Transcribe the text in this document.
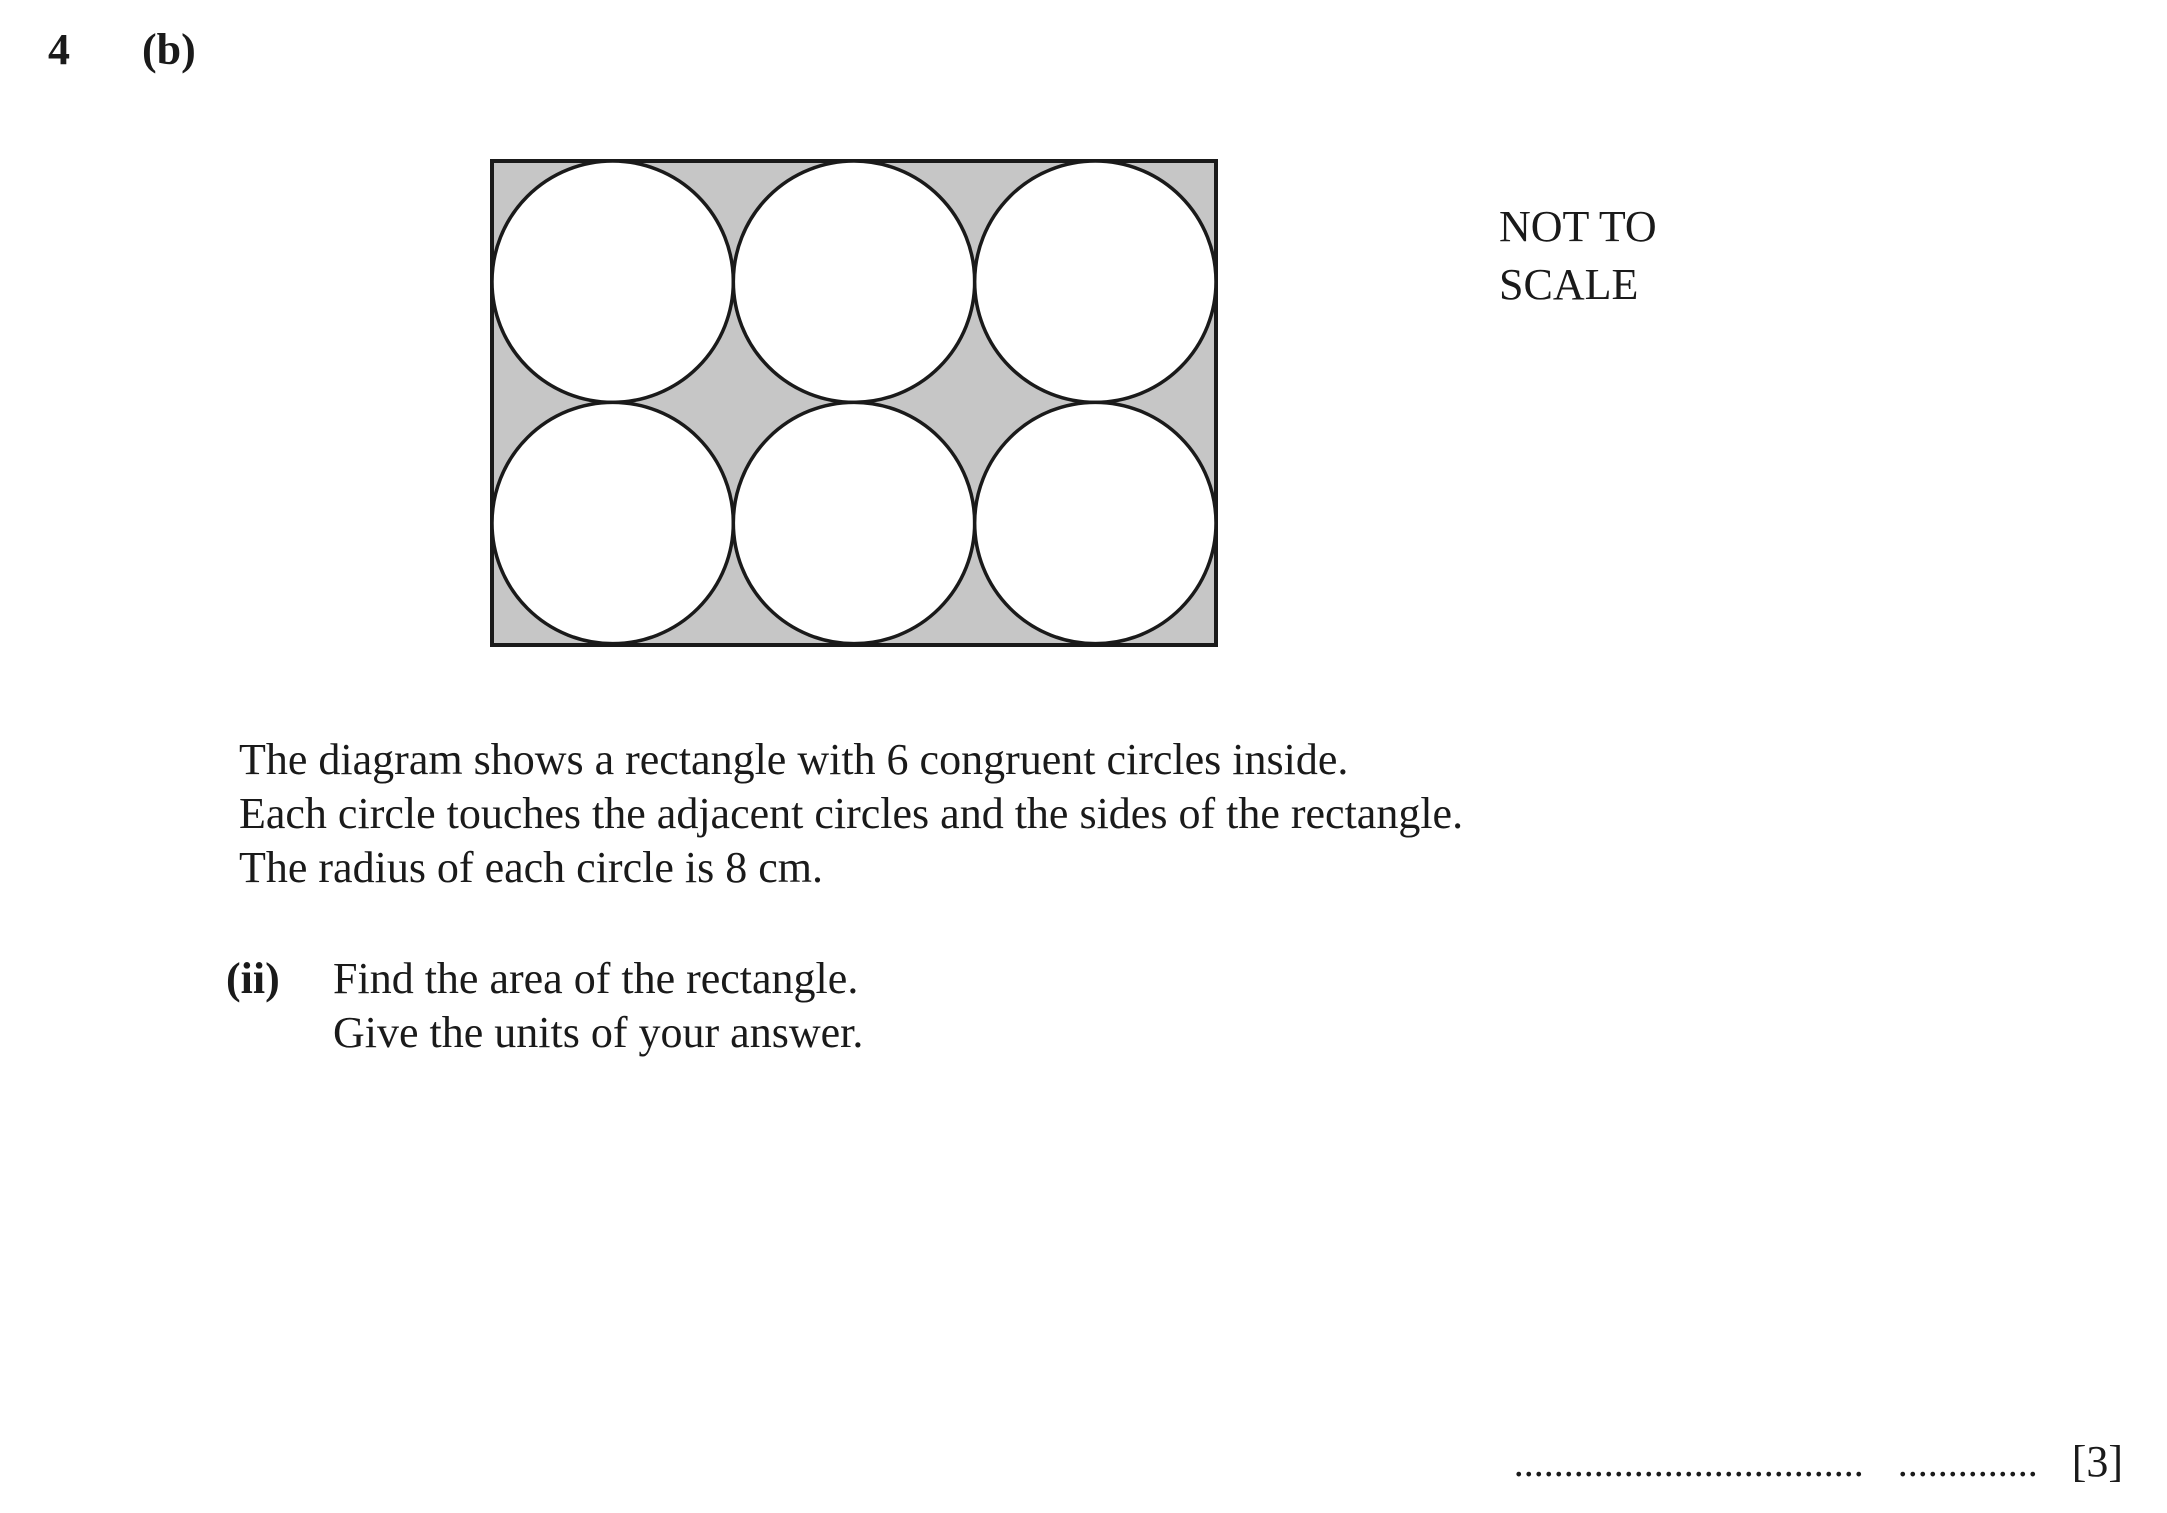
4 (b)
NOT TO
SCALE
The diagram shows a rectangle with 6 congruent circles inside.
Each circle touches the adjacent circles and the sides of the rectangle.
The radius of each circle is 8 cm.
(ii) Find the area of the rectangle.
Give the units of your answer.
................................... .............. [3]
